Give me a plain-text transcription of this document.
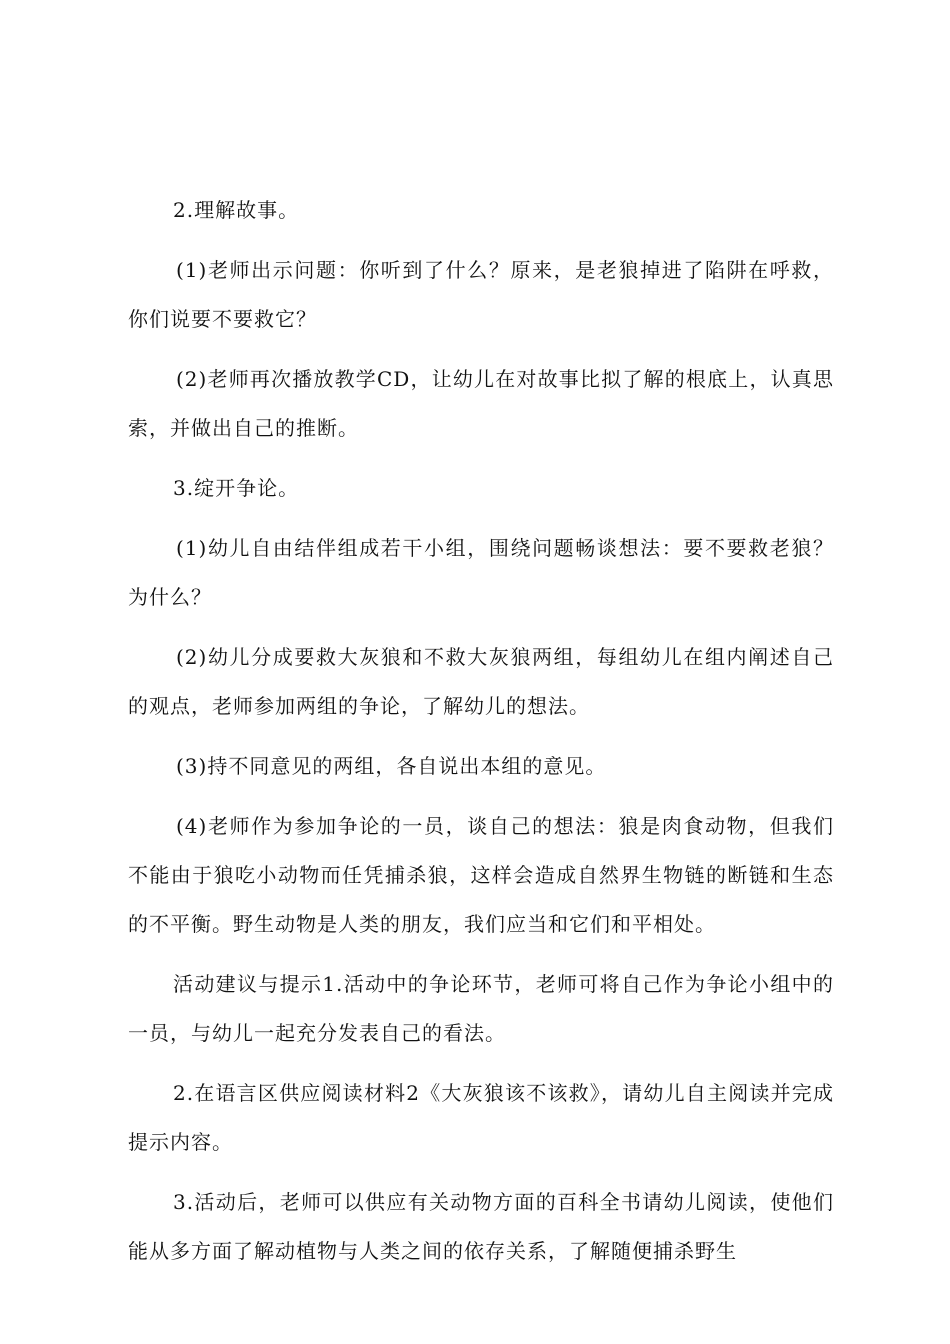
2.理解故事。

(1)老师出示问题：你听到了什么？原来，是老狼掉进了陷阱在呼救，你们说要不要救它？

(2)老师再次播放教学CD，让幼儿在对故事比拟了解的根底上，认真思索，并做出自己的推断。

3.绽开争论。

(1)幼儿自由结伴组成若干小组，围绕问题畅谈想法：要不要救老狼？为什么？

(2)幼儿分成要救大灰狼和不救大灰狼两组，每组幼儿在组内阐述自己的观点，老师参加两组的争论，了解幼儿的想法。

(3)持不同意见的两组，各自说出本组的意见。

(4)老师作为参加争论的一员，谈自己的想法：狼是肉食动物，但我们不能由于狼吃小动物而任凭捕杀狼，这样会造成自然界生物链的断链和生态的不平衡。野生动物是人类的朋友，我们应当和它们和平相处。

活动建议与提示1.活动中的争论环节，老师可将自己作为争论小组中的一员，与幼儿一起充分发表自己的看法。

2.在语言区供应阅读材料2《大灰狼该不该救》，请幼儿自主阅读并完成提示内容。

3.活动后，老师可以供应有关动物方面的百科全书请幼儿阅读，使他们能从多方面了解动植物与人类之间的依存关系，了解随便捕杀野生
